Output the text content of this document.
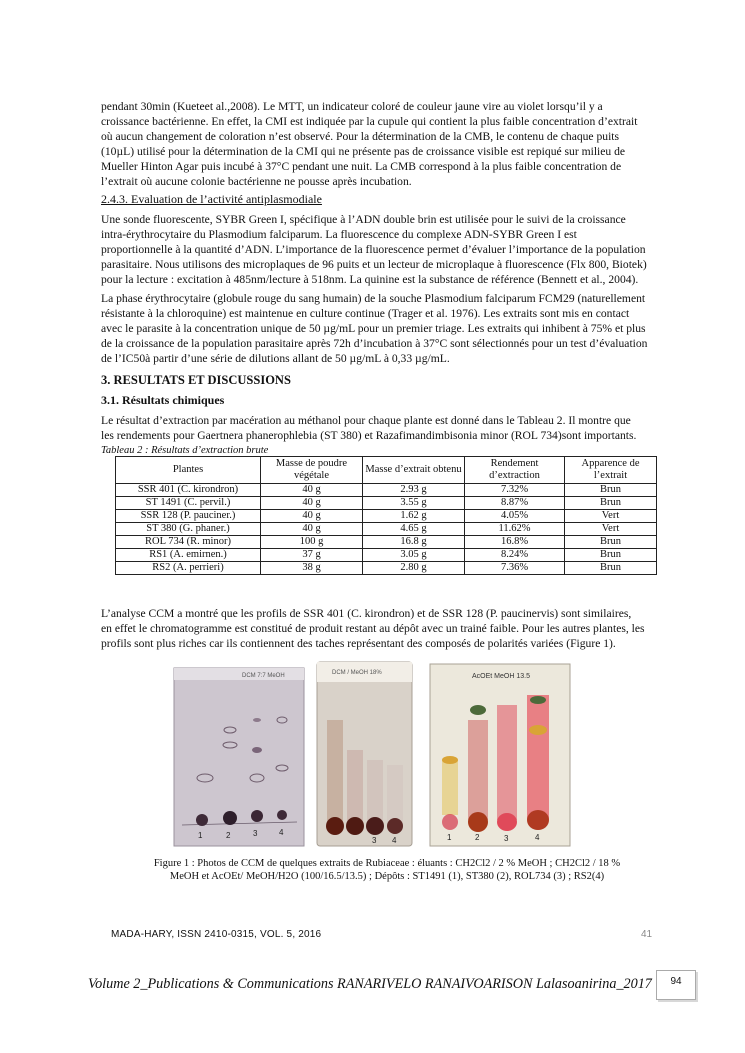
pendant 30min (Kueteet al.,2008). Le MTT, un indicateur coloré de couleur jaune vire au violet lorsqu’il y a
croissance bactérienne. En effet, la CMI est indiquée par la cupule qui contient la plus faible concentration d’extrait
où aucun changement de coloration n’est observé. Pour la détermination de la CMB, le contenu de chaque puits
(10µL) utilisé pour la détermination de la CMI qui ne présente pas de croissance visible est repiqué sur milieu de
Mueller Hinton Agar puis incubé à 37°C pendant une nuit. La CMB correspond à la plus faible concentration de
l’extrait où aucune colonie bactérienne ne pousse après incubation.
2.4.3. Evaluation de l’activité antiplasmodiale
Une sonde fluorescente, SYBR Green I, spécifique à l’ADN double brin est utilisée pour le suivi de la croissance
intra-érythrocytaire du Plasmodium falciparum. La fluorescence du complexe ADN-SYBR Green I est
proportionnelle à la quantité d’ADN. L’importance de la fluorescence permet d’évaluer l’importance de la population
parasitaire. Nous utilisons des microplaques de 96 puits et un lecteur de microplaque à fluorescence (Flx 800, Biotek)
pour la lecture : excitation à 485nm/lecture à 518nm. La quinine est la substance de référence (Bennett et al., 2004).
La phase érythrocytaire (globule rouge du sang humain) de la souche Plasmodium falciparum FCM29 (naturellement
résistante à la chloroquine) est maintenue en culture continue (Trager et al. 1976). Les extraits sont mis en contact
avec le parasite à la concentration unique de 50 µg/mL pour un premier triage. Les extraits qui inhibent à 75% et plus
de la croissance de la population parasitaire après 72h d’incubation à 37°C sont sélectionnés pour un test d’évaluation
de l’IC50à partir d’une série de dilutions allant de 50 µg/mL à 0,33 µg/mL.
3. RESULTATS ET DISCUSSIONS
3.1. Résultats chimiques
Le résultat d’extraction par macération au méthanol pour chaque plante est donné dans le Tableau 2. Il montre que
les rendements pour Gaertnera phanerophlebia (ST 380) et Razafimandimbisonia minor (ROL 734)sont importants.
Tableau 2 : Résultats d’extraction brute
Plantes	Masse de poudre végétale	Masse d’extrait obtenu	Rendement d’extraction	Apparence de l’extrait
SSR 401 (C. kirondron)	40 g	2.93 g	7.32%	Brun
ST 1491 (C. pervil.)	40 g	3.55 g	8.87%	Brun
SSR 128 (P. pauciner.)	40 g	1.62 g	4.05%	Vert
ST 380 (G. phaner.)	40 g	4.65 g	11.62%	Vert
ROL 734 (R. minor)	100 g	16.8 g	16.8%	Brun
RS1 (A. emirnen.)	37 g	3.05 g	8.24%	Brun
RS2 (A. perrieri)	38 g	2.80 g	7.36%	Brun
L’analyse CCM a montré que les profils de SSR 401 (C. kirondron) et de SSR 128 (P. paucinervis) sont similaires,
en effet le chromatogramme est constitué de produit restant au dépôt avec un trainé faible. Pour les autres plantes, les
profils sont plus riches car ils contiennent des taches représentant des composés de polarités variées (Figure 1).
DCM 7:7 MeOH
1	2	3	4
DCM / MeOH 18%
3 4
AcOEt MeOH 13.5
1	2	3	4
Figure 1 : Photos de CCM de quelques extraits de Rubiaceae : éluants : CH2Cl2 / 2 % MeOH ; CH2Cl2 / 18 %
MeOH et AcOEt/ MeOH/H2O (100/16.5/13.5) ; Dépôts : ST1491 (1), ST380 (2), ROL734 (3) ; RS2(4)
MADA-HARY, ISSN 2410-0315, VOL. 5, 2016	41
Volume 2_Publications & Communications RANARIVELO RANAIVOARISON Lalasoanirina_2017	94
